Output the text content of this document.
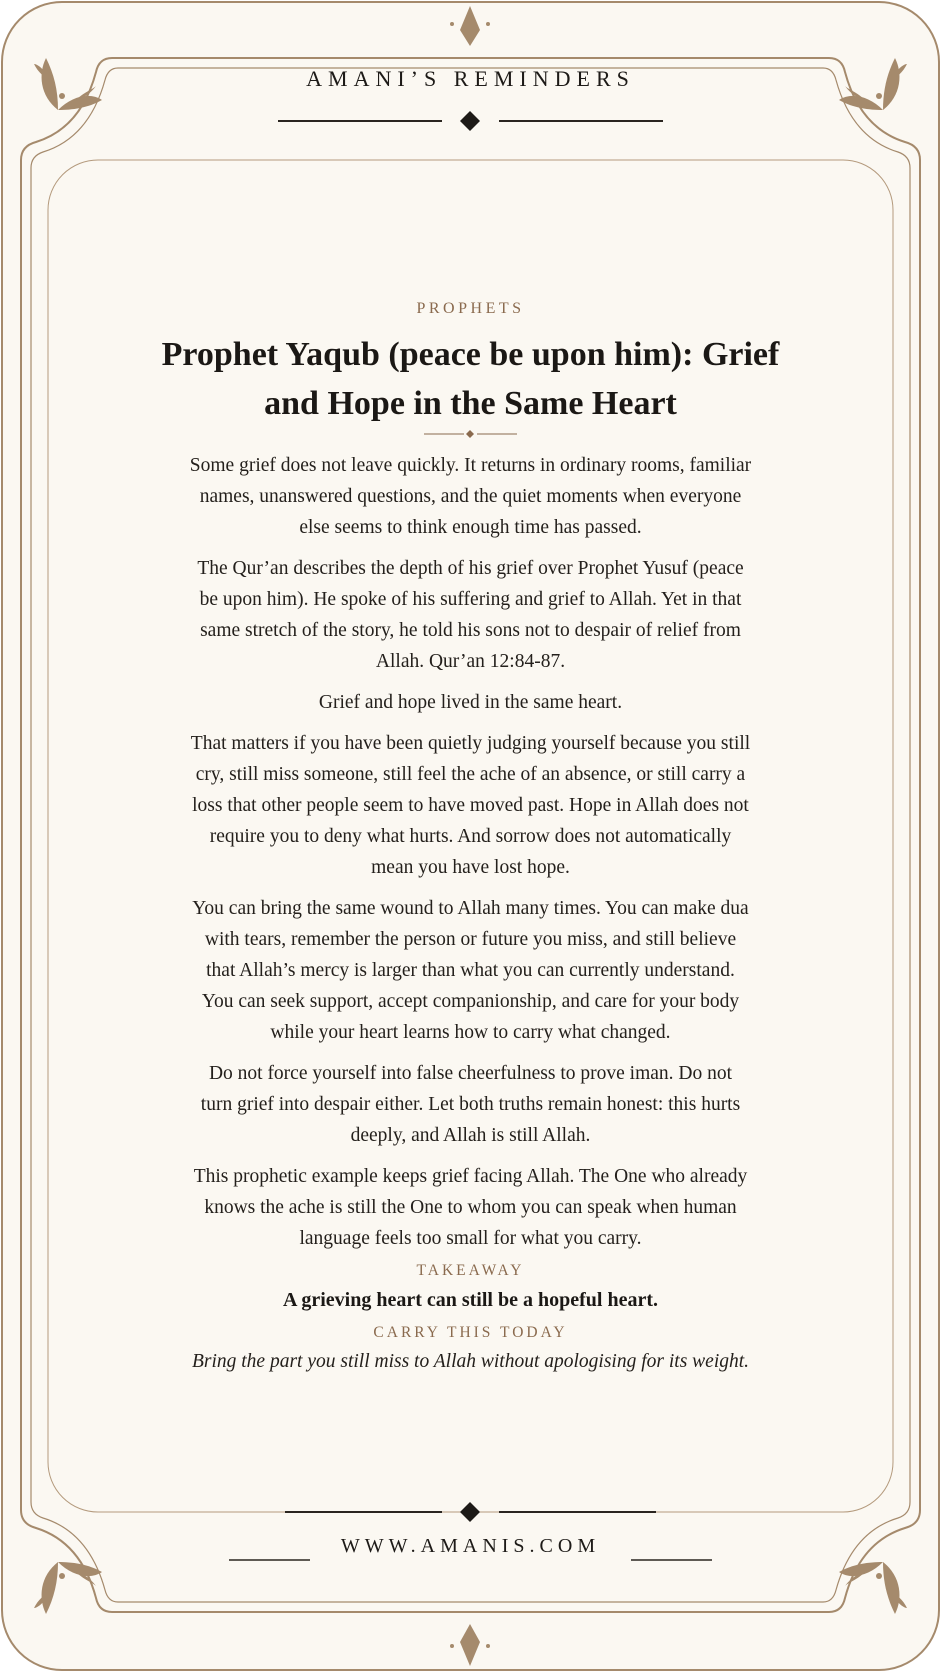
AMANI’S REMINDERS
PROPHETS
Prophet Yaqub (peace be upon him): Grief
and Hope in the Same Heart

Some grief does not leave quickly. It returns in ordinary rooms, familiar
names, unanswered questions, and the quiet moments when everyone
else seems to think enough time has passed.

The Qur’an describes the depth of his grief over Prophet Yusuf (peace
be upon him). He spoke of his suffering and grief to Allah. Yet in that
same stretch of the story, he told his sons not to despair of relief from
Allah. Qur’an 12:84-87.

Grief and hope lived in the same heart.

That matters if you have been quietly judging yourself because you still
cry, still miss someone, still feel the ache of an absence, or still carry a
loss that other people seem to have moved past. Hope in Allah does not
require you to deny what hurts. And sorrow does not automatically
mean you have lost hope.

You can bring the same wound to Allah many times. You can make dua
with tears, remember the person or future you miss, and still believe
that Allah’s mercy is larger than what you can currently understand.
You can seek support, accept companionship, and care for your body
while your heart learns how to carry what changed.

Do not force yourself into false cheerfulness to prove iman. Do not
turn grief into despair either. Let both truths remain honest: this hurts
deeply, and Allah is still Allah.

This prophetic example keeps grief facing Allah. The One who already
knows the ache is still the One to whom you can speak when human
language feels too small for what you carry.

TAKEAWAY
A grieving heart can still be a hopeful heart.
CARRY THIS TODAY
Bring the part you still miss to Allah without apologising for its weight.
WWW.AMANIS.COM
